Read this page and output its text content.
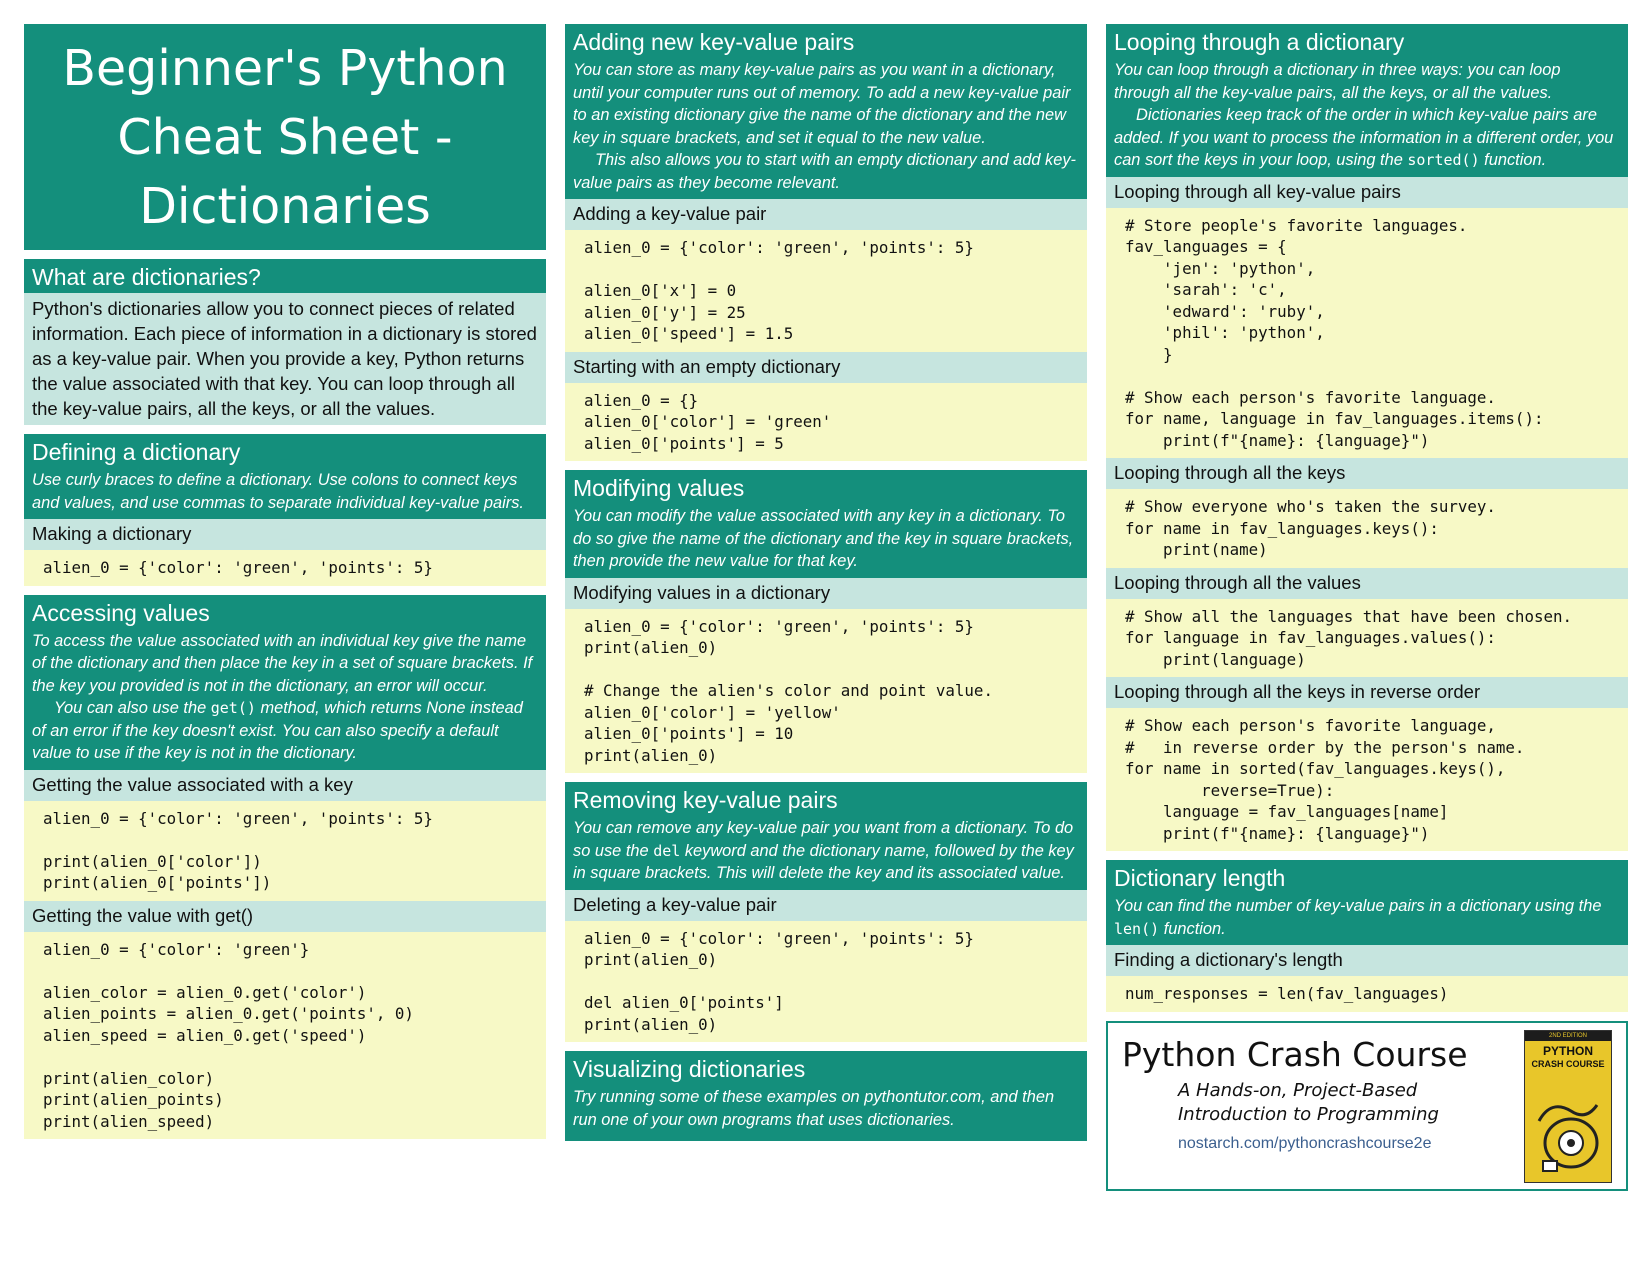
Beginner's Python
Cheat Sheet -
Dictionaries
What are dictionaries?
Python's dictionaries allow you to connect pieces of related information. Each piece of information in a dictionary is stored as a key-value pair. When you provide a key, Python returns the value associated with that key. You can loop through all the key-value pairs, all the keys, or all the values.
Defining a dictionary

Use curly braces to define a dictionary. Use colons to connect keys and values, and use commas to separate individual key-value pairs.

Making a dictionary
alien_0 = {'color': 'green', 'points': 5}
Accessing values

To access the value associated with an individual key give the name of the dictionary and then place the key in a set of square brackets. If the key you provided is not in the dictionary, an error will occur.

You can also use the get() method, which returns None instead of an error if the key doesn't exist. You can also specify a default value to use if the key is not in the dictionary.

Getting the value associated with a key
alien_0 = {'color': 'green', 'points': 5}

print(alien_0['color'])
print(alien_0['points'])
Getting the value with get()
alien_0 = {'color': 'green'}

alien_color = alien_0.get('color')
alien_points = alien_0.get('points', 0)
alien_speed = alien_0.get('speed')

print(alien_color)
print(alien_points)
print(alien_speed)
Adding new key-value pairs

You can store as many key-value pairs as you want in a dictionary, until your computer runs out of memory. To add a new key-value pair to an existing dictionary give the name of the dictionary and the new key in square brackets, and set it equal to the new value.

This also allows you to start with an empty dictionary and add key-value pairs as they become relevant.

Adding a key-value pair
alien_0 = {'color': 'green', 'points': 5}

alien_0['x'] = 0
alien_0['y'] = 25
alien_0['speed'] = 1.5
Starting with an empty dictionary
alien_0 = {}
alien_0['color'] = 'green'
alien_0['points'] = 5
Modifying values

You can modify the value associated with any key in a dictionary. To do so give the name of the dictionary and the key in square brackets, then provide the new value for that key.

Modifying values in a dictionary
alien_0 = {'color': 'green', 'points': 5}
print(alien_0)

# Change the alien's color and point value.
alien_0['color'] = 'yellow'
alien_0['points'] = 10
print(alien_0)
Removing key-value pairs

You can remove any key-value pair you want from a dictionary. To do so use the del keyword and the dictionary name, followed by the key in square brackets. This will delete the key and its associated value.

Deleting a key-value pair
alien_0 = {'color': 'green', 'points': 5}
print(alien_0)

del alien_0['points']
print(alien_0)
Visualizing dictionaries

Try running some of these examples on pythontutor.com, and then run one of your own programs that uses dictionaries.

Looping through a dictionary

You can loop through a dictionary in three ways: you can loop through all the key-value pairs, all the keys, or all the values.

Dictionaries keep track of the order in which key-value pairs are added. If you want to process the information in a different order, you can sort the keys in your loop, using the sorted() function.

Looping through all key-value pairs
# Store people's favorite languages.
fav_languages = {
'jen': 'python',
'sarah': 'c',
'edward': 'ruby',
'phil': 'python',
}

# Show each person's favorite language.
for name, language in fav_languages.items():
print(f"{name}: {language}")
Looping through all the keys
# Show everyone who's taken the survey.
for name in fav_languages.keys():
print(name)
Looping through all the values
# Show all the languages that have been chosen.
for language in fav_languages.values():
print(language)
Looping through all the keys in reverse order
# Show each person's favorite language,
#   in reverse order by the person's name.
for name in sorted(fav_languages.keys(),
reverse=True):
language = fav_languages[name]
print(f"{name}: {language}")
Dictionary length

You can find the number of key-value pairs in a dictionary using the len() function.

Finding a dictionary's length
num_responses = len(fav_languages)
Python Crash Course
A Hands-on, Project-Based
Introduction to Programming
nostarch.com/pythoncrashcourse2e
2ND EDITION
PYTHON
CRASH COURSE
